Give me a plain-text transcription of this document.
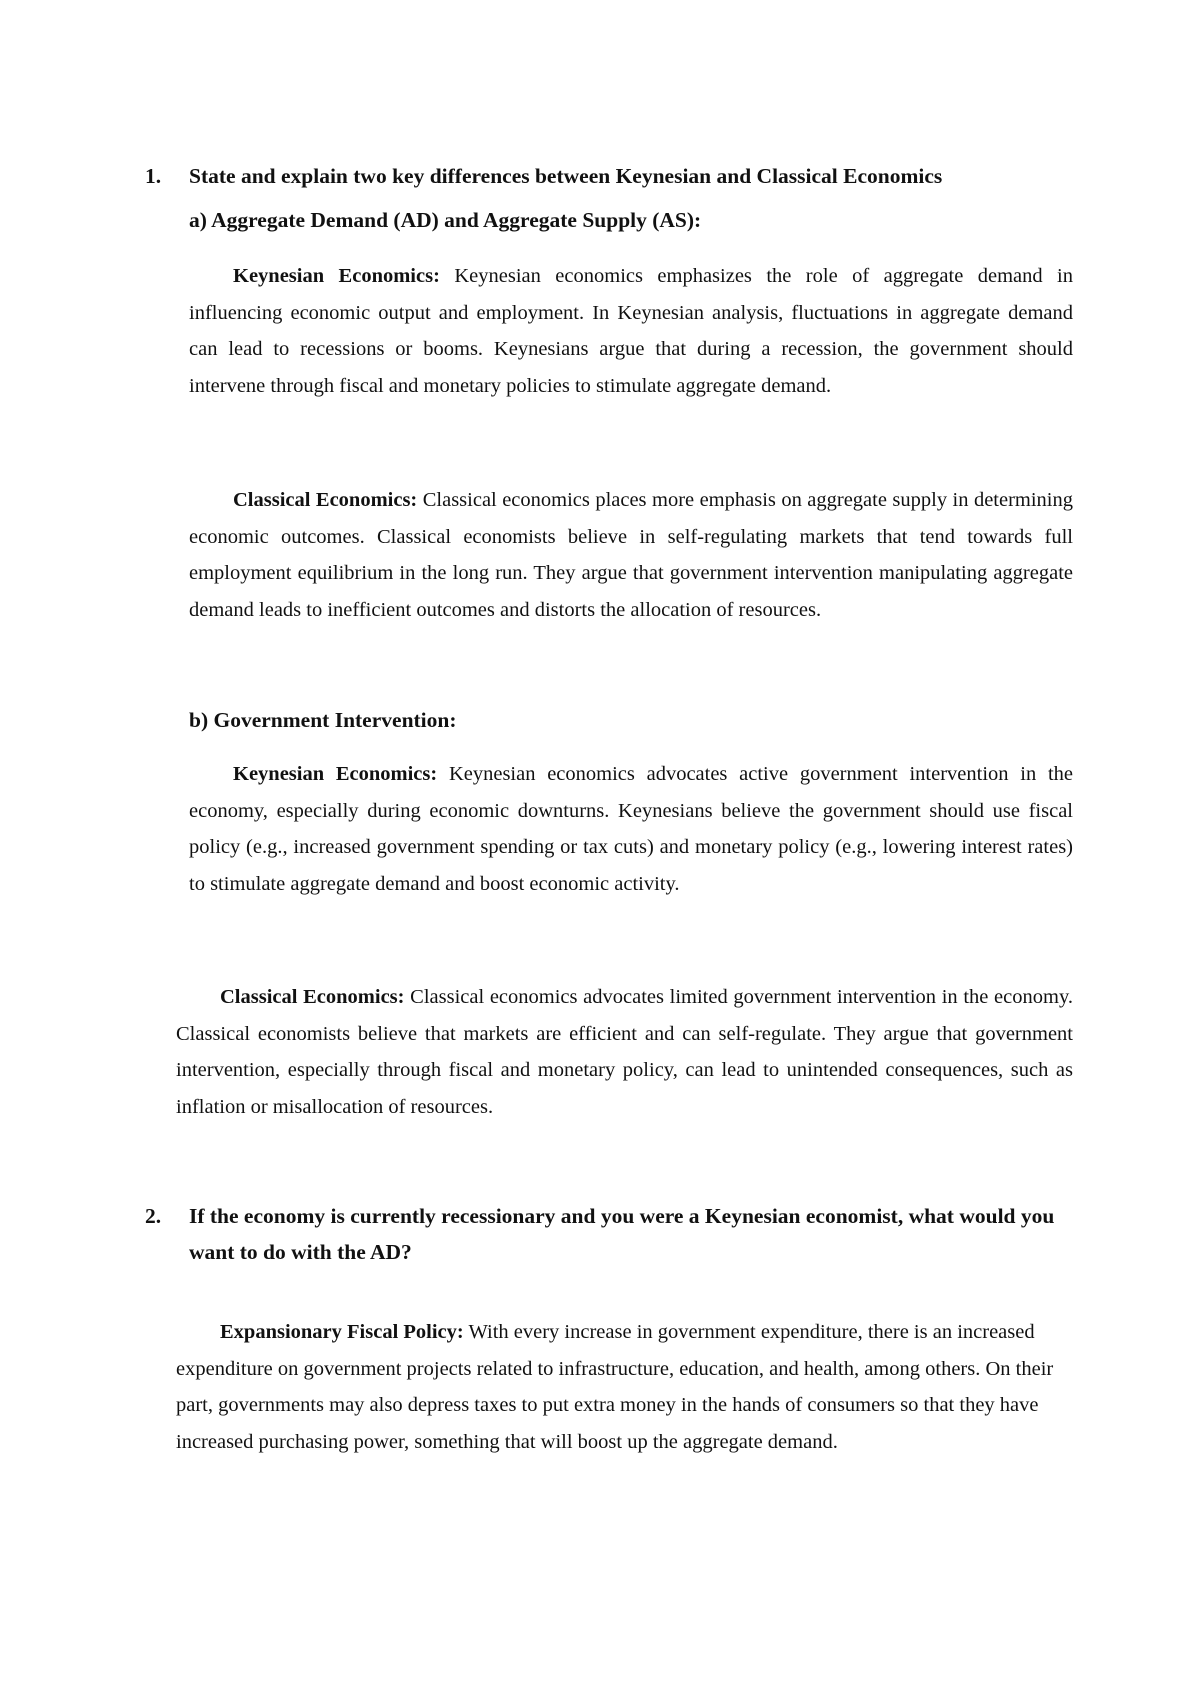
1. State and explain two key differences between Keynesian and Classical Economics
a) Aggregate Demand (AD) and Aggregate Supply (AS):

Keynesian Economics: Keynesian economics emphasizes the role of aggregate demand in influencing economic output and employment. In Keynesian analysis, fluctuations in aggregate demand can lead to recessions or booms. Keynesians argue that during a recession, the government should intervene through fiscal and monetary policies to stimulate aggregate demand.

Classical Economics: Classical economics places more emphasis on aggregate supply in determining economic outcomes. Classical economists believe in self-regulating markets that tend towards full employment equilibrium in the long run. They argue that government intervention manipulating aggregate demand leads to inefficient outcomes and distorts the allocation of resources.

b) Government Intervention:

Keynesian Economics: Keynesian economics advocates active government intervention in the economy, especially during economic downturns. Keynesians believe the government should use fiscal policy (e.g., increased government spending or tax cuts) and monetary policy (e.g., lowering interest rates) to stimulate aggregate demand and boost economic activity.

Classical Economics: Classical economics advocates limited government intervention in the economy. Classical economists believe that markets are efficient and can self-regulate. They argue that government intervention, especially through fiscal and monetary policy, can lead to unintended consequences, such as inflation or misallocation of resources.

2. If the economy is currently recessionary and you were a Keynesian economist, what would you want to do with the AD?

Expansionary Fiscal Policy: With every increase in government expenditure, there is an increased expenditure on government projects related to infrastructure, education, and health, among others. On their part, governments may also depress taxes to put extra money in the hands of consumers so that they have increased purchasing power, something that will boost up the aggregate demand.
